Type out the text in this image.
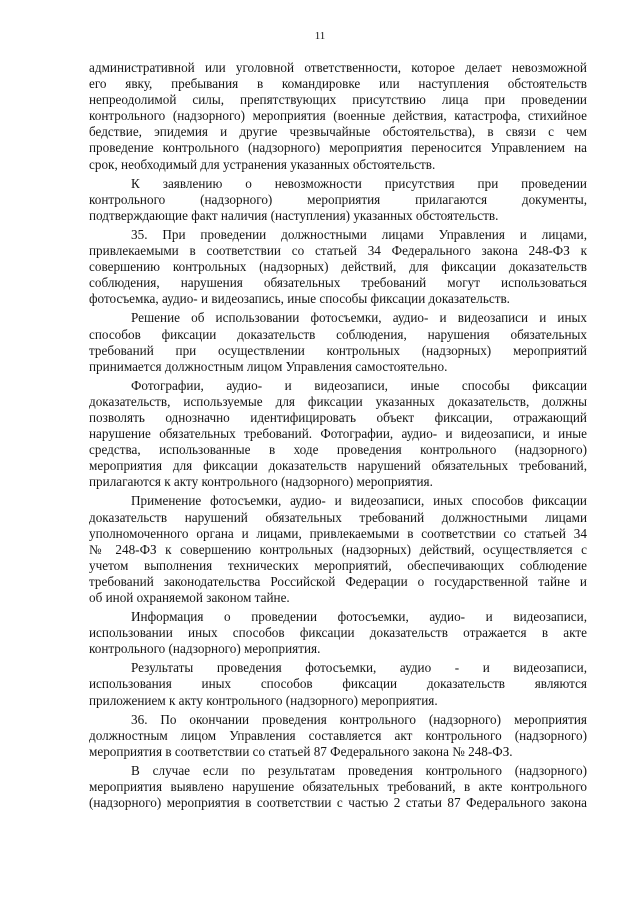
11

административной или уголовной ответственности, которое делает невозможной

его явку, пребывания в командировке или наступления обстоятельств

непреодолимой силы, препятствующих присутствию лица при проведении

контрольного (надзорного) мероприятия (военные действия, катастрофа, стихийное

бедствие, эпидемия и другие чрезвычайные обстоятельства), в связи с чем

проведение контрольного (надзорного) мероприятия переносится Управлением на

срок, необходимый для устранения указанных обстоятельств.

К заявлению о невозможности присутствия при проведении

контрольного (надзорного) мероприятия прилагаются документы,

подтверждающие факт наличия (наступления) указанных обстоятельств.

35. При проведении должностными лицами Управления и лицами,

привлекаемыми в соответствии со статьей 34 Федерального закона 248-ФЗ к

совершению контрольных (надзорных) действий, для фиксации доказательств

соблюдения, нарушения обязательных требований могут использоваться

фотосъемка, аудио- и видеозапись, иные способы фиксации доказательств.

Решение об использовании фотосъемки, аудио- и видеозаписи и иных

способов фиксации доказательств соблюдения, нарушения обязательных

требований при осуществлении контрольных (надзорных) мероприятий

принимается должностным лицом Управления самостоятельно.

Фотографии, аудио- и видеозаписи, иные способы фиксации

доказательств, используемые для фиксации указанных доказательств, должны

позволять однозначно идентифицировать объект фиксации, отражающий

нарушение обязательных требований. Фотографии, аудио- и видеозаписи, и иные

средства, использованные в ходе проведения контрольного (надзорного)

мероприятия для фиксации доказательств нарушений обязательных требований,

прилагаются к акту контрольного (надзорного) мероприятия.

Применение фотосъемки, аудио- и видеозаписи, иных способов фиксации

доказательств нарушений обязательных требований должностными лицами

уполномоченного органа и лицами, привлекаемыми в соответствии со статьей 34

№ 248-ФЗ к совершению контрольных (надзорных) действий, осуществляется с

учетом выполнения технических мероприятий, обеспечивающих соблюдение

требований законодательства Российской Федерации о государственной тайне и

об иной охраняемой законом тайне.

Информация о проведении фотосъемки, аудио- и видеозаписи,

использовании иных способов фиксации доказательств отражается в акте

контрольного (надзорного) мероприятия.

Результаты проведения фотосъемки, аудио - и видеозаписи,

использования иных способов фиксации доказательств являются

приложением к акту контрольного (надзорного) мероприятия.

36. По окончании проведения контрольного (надзорного) мероприятия

должностным лицом Управления составляется акт контрольного (надзорного)

мероприятия в соответствии со статьей 87 Федерального закона № 248-ФЗ.

В случае если по результатам проведения контрольного (надзорного)

мероприятия выявлено нарушение обязательных требований, в акте контрольного

(надзорного) мероприятия в соответствии с частью 2 статьи 87 Федерального закона
